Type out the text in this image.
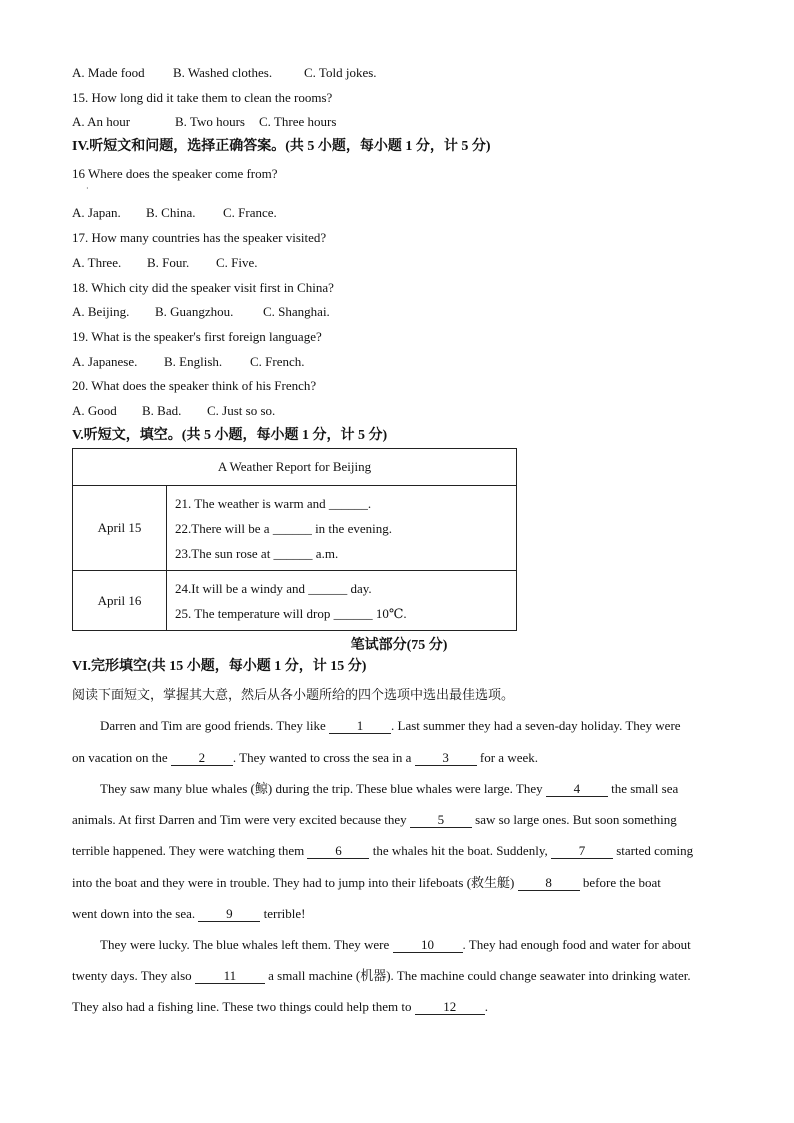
A. Made food B. Washed clothes. C. Told jokes.
15. How long did it take them to clean the rooms?
A. An hour	B. Two hours C. Three hours
IV.听短文和问题，选择正确答案。(共 5 小题，每小题 1 分，计 5 分)
16 Where does the speaker come from?
·
A. Japan. B. China. C. France.
17. How many countries has the speaker visited?
A. Three. B. Four. C. Five.
18. Which city did the speaker visit first in China?
A. Beijing. B. Guangzhou. C. Shanghai.
19. What is the speaker's first foreign language?
A. Japanese. B. English. C. French.
20. What does the speaker think of his French?
A. Good B. Bad. C. Just so so.
V.听短文，填空。(共 5 小题，每小题 1 分，计 5 分)
A Weather Report for Beijing	
April 15	21. The weather is warm and ______.
22.There will be a ______ in the evening.
23.The sun rose at ______ a.m.

April 16	24.It will be a windy and ______ day.
25. The temperature will drop ______ 10℃.
笔试部分(75 分)
VI.完形填空(共 15 小题，每小题 1 分，计 15 分)
阅读下面短文，掌握其大意，然后从各小题所给的四个选项中选出最佳选项。
Darren and Tim are good friends. They like 1 . Last summer they had a seven-day holiday. They were
on vacation on the 2 . They wanted to cross the sea in a 3 for a week.
They saw many blue whales (鲸) during the trip. These blue whales were large. They 4 the small sea
animals. At first Darren and Tim were very excited because they 5 saw so large ones. But soon something
terrible happened. They were watching them 6 the whales hit the boat. Suddenly, 7 started coming
into the boat and they were in trouble. They had to jump into their lifeboats (救生艇) 8 before the boat
went down into the sea. 9 terrible!
They were lucky. The blue whales left them. They were 10 . They had enough food and water for about
twenty days. They also 11 a small machine (机器). The machine could change seawater into drinking water.
They also had a fishing line. These two things could help them to 12 .
